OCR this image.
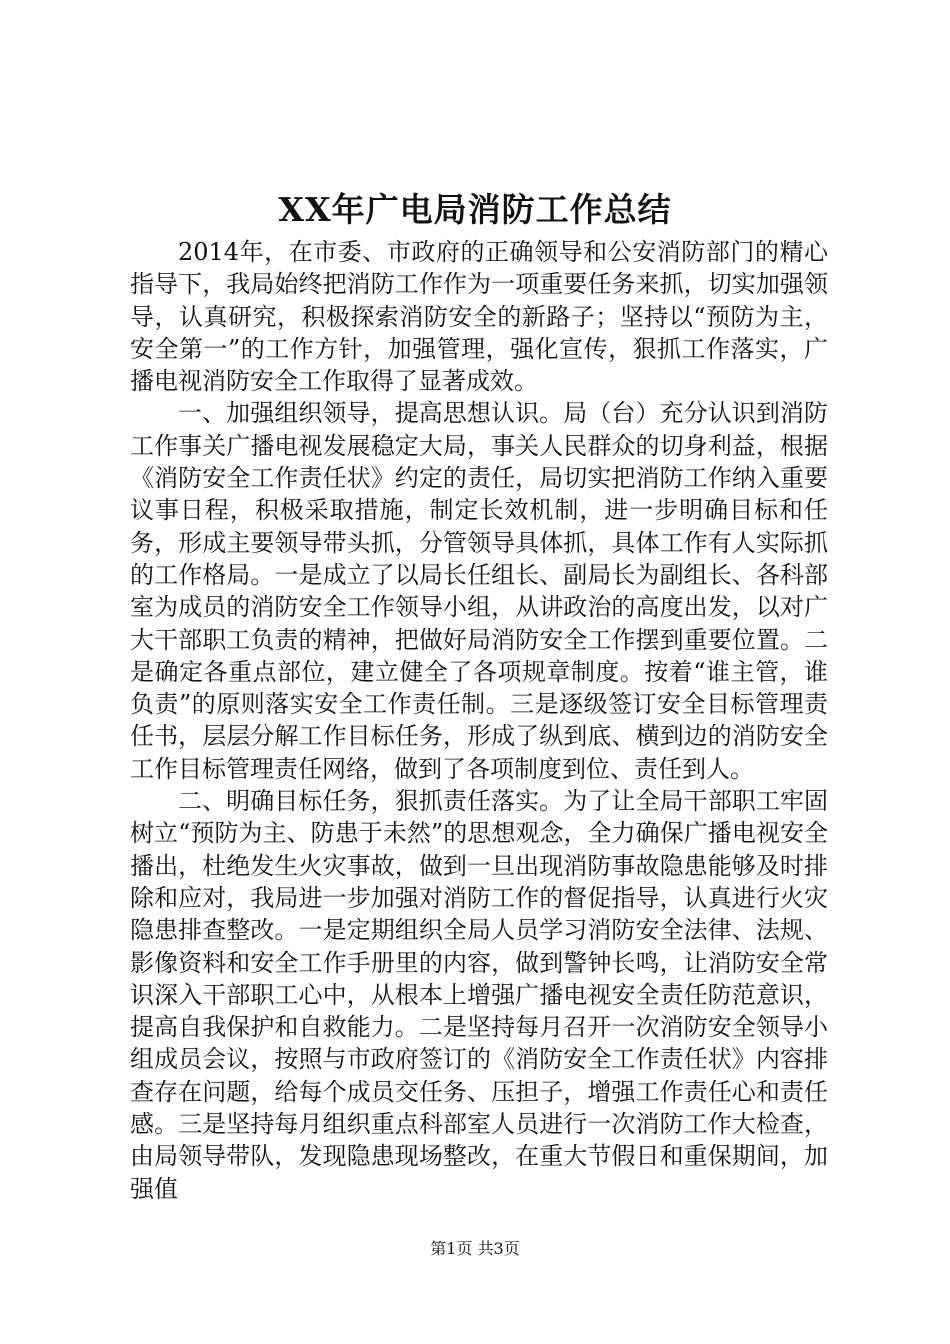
XX年广电局消防工作总结

2014年，在市委、市政府的正确领导和公安消防部门的精心指导下，我局始终把消防工作作为一项重要任务来抓，切实加强领导，认真研究，积极探索消防安全的新路子；坚持以“预防为主，安全第一”的工作方针，加强管理，强化宣传，狠抓工作落实，广播电视消防安全工作取得了显著成效。

一、加强组织领导，提高思想认识。局（台）充分认识到消防工作事关广播电视发展稳定大局，事关人民群众的切身利益，根据《消防安全工作责任状》约定的责任，局切实把消防工作纳入重要议事日程，积极采取措施，制定长效机制，进一步明确目标和任务，形成主要领导带头抓，分管领导具体抓，具体工作有人实际抓的工作格局。一是成立了以局长任组长、副局长为副组长、各科部室为成员的消防安全工作领导小组，从讲政治的高度出发，以对广大干部职工负责的精神，把做好局消防安全工作摆到重要位置。二是确定各重点部位，建立健全了各项规章制度。按着“谁主管，谁负责”的原则落实安全工作责任制。三是逐级签订安全目标管理责任书，层层分解工作目标任务，形成了纵到底、横到边的消防安全工作目标管理责任网络，做到了各项制度到位、责任到人。

二、明确目标任务，狠抓责任落实。为了让全局干部职工牢固树立“预防为主、防患于未然”的思想观念，全力确保广播电视安全播出，杜绝发生火灾事故，做到一旦出现消防事故隐患能够及时排除和应对，我局进一步加强对消防工作的督促指导，认真进行火灾隐患排查整改。一是定期组织全局人员学习消防安全法律、法规、影像资料和安全工作手册里的内容，做到警钟长鸣，让消防安全常识深入干部职工心中，从根本上增强广播电视安全责任防范意识，提高自我保护和自救能力。二是坚持每月召开一次消防安全领导小组成员会议，按照与市政府签订的《消防安全工作责任状》内容排查存在问题，给每个成员交任务、压担子，增强工作责任心和责任感。三是坚持每月组织重点科部室人员进行一次消防工作大检查，由局领导带队，发现隐患现场整改，在重大节假日和重保期间，加强值

第1页 共3页
